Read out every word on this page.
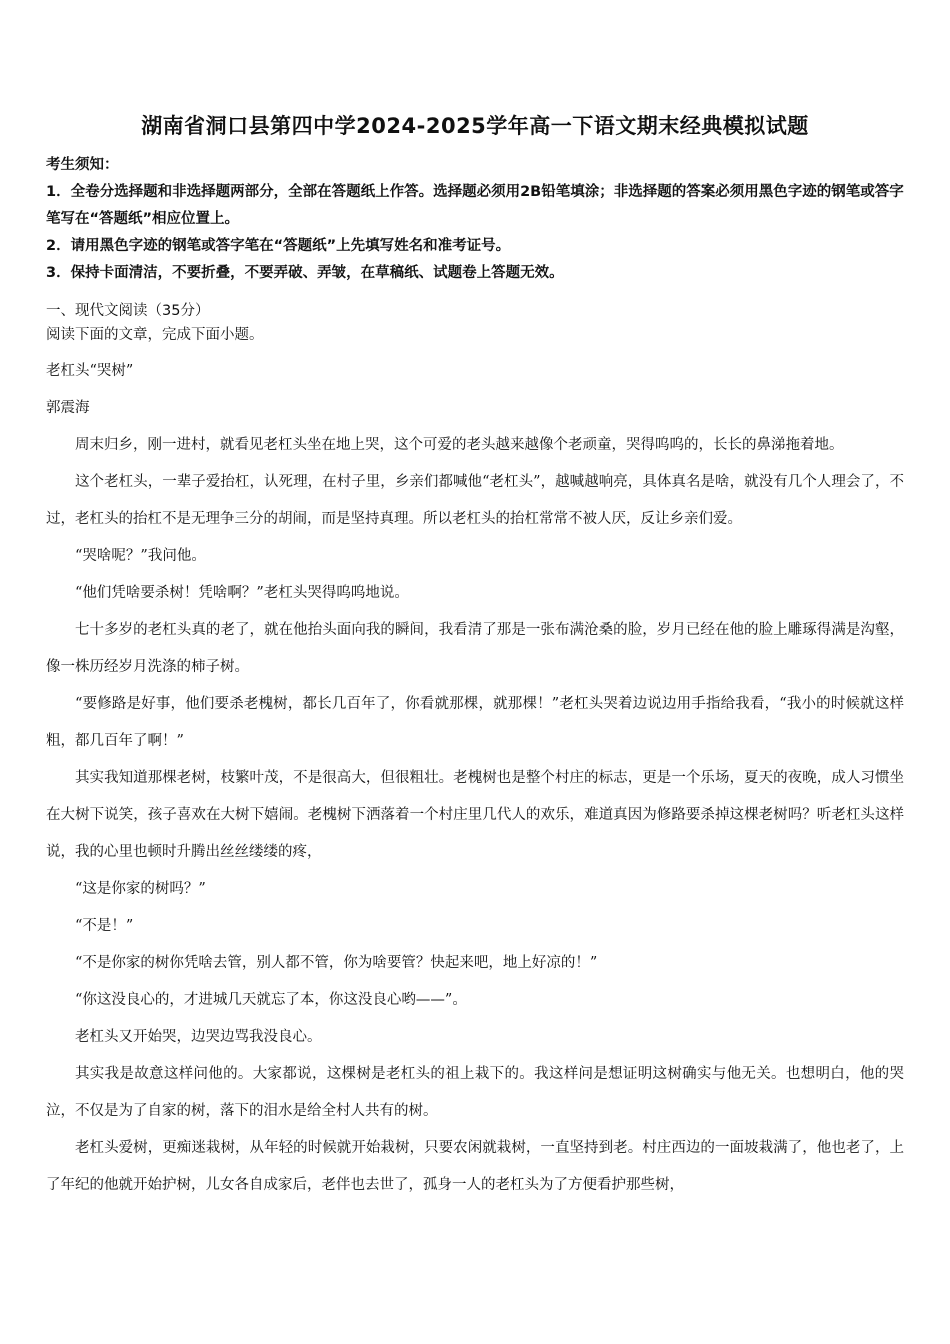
湖南省洞口县第四中学2024-2025学年高一下语文期末经典模拟试题

考生须知：

1．全卷分选择题和非选择题两部分，全部在答题纸上作答。选择题必须用2B铅笔填涂；非选择题的答案必须用黑色字迹的钢笔或答字笔写在“答题纸”相应位置上。

2．请用黑色字迹的钢笔或答字笔在“答题纸”上先填写姓名和准考证号。

3．保持卡面清洁，不要折叠，不要弄破、弄皱，在草稿纸、试题卷上答题无效。

一、现代文阅读（35分）

阅读下面的文章，完成下面小题。

老杠头“哭树”

郭震海

周末归乡，刚一进村，就看见老杠头坐在地上哭，这个可爱的老头越来越像个老顽童，哭得呜呜的，长长的鼻涕拖着地。

这个老杠头，一辈子爱抬杠，认死理，在村子里，乡亲们都喊他“老杠头”，越喊越响亮，具体真名是啥，就没有几个人理会了，不过，老杠头的抬杠不是无理争三分的胡闹，而是坚持真理。所以老杠头的抬杠常常不被人厌，反让乡亲们爱。

“哭啥呢？”我问他。

“他们凭啥要杀树！凭啥啊？”老杠头哭得呜呜地说。

七十多岁的老杠头真的老了，就在他抬头面向我的瞬间，我看清了那是一张布满沧桑的脸，岁月已经在他的脸上雕琢得满是沟壑，像一株历经岁月洗涤的柿子树。

“要修路是好事，他们要杀老槐树，都长几百年了，你看就那棵，就那棵！”老杠头哭着边说边用手指给我看，“我小的时候就这样粗，都几百年了啊！”

其实我知道那棵老树，枝繁叶茂，不是很高大，但很粗壮。老槐树也是整个村庄的标志，更是一个乐场，夏天的夜晚，成人习惯坐在大树下说笑，孩子喜欢在大树下嬉闹。老槐树下洒落着一个村庄里几代人的欢乐，难道真因为修路要杀掉这棵老树吗？听老杠头这样说，我的心里也顿时升腾出丝丝缕缕的疼，

“这是你家的树吗？”

“不是！”

“不是你家的树你凭啥去管，别人都不管，你为啥要管？快起来吧，地上好凉的！”

“你这没良心的，才进城几天就忘了本，你这没良心哟——”。

老杠头又开始哭，边哭边骂我没良心。

其实我是故意这样问他的。大家都说，这棵树是老杠头的祖上栽下的。我这样问是想证明这树确实与他无关。也想明白，他的哭泣，不仅是为了自家的树，落下的泪水是给全村人共有的树。

老杠头爱树，更痴迷栽树，从年轻的时候就开始栽树，只要农闲就栽树，一直坚持到老。村庄西边的一面坡栽满了，他也老了，上了年纪的他就开始护树，儿女各自成家后，老伴也去世了，孤身一人的老杠头为了方便看护那些树，
